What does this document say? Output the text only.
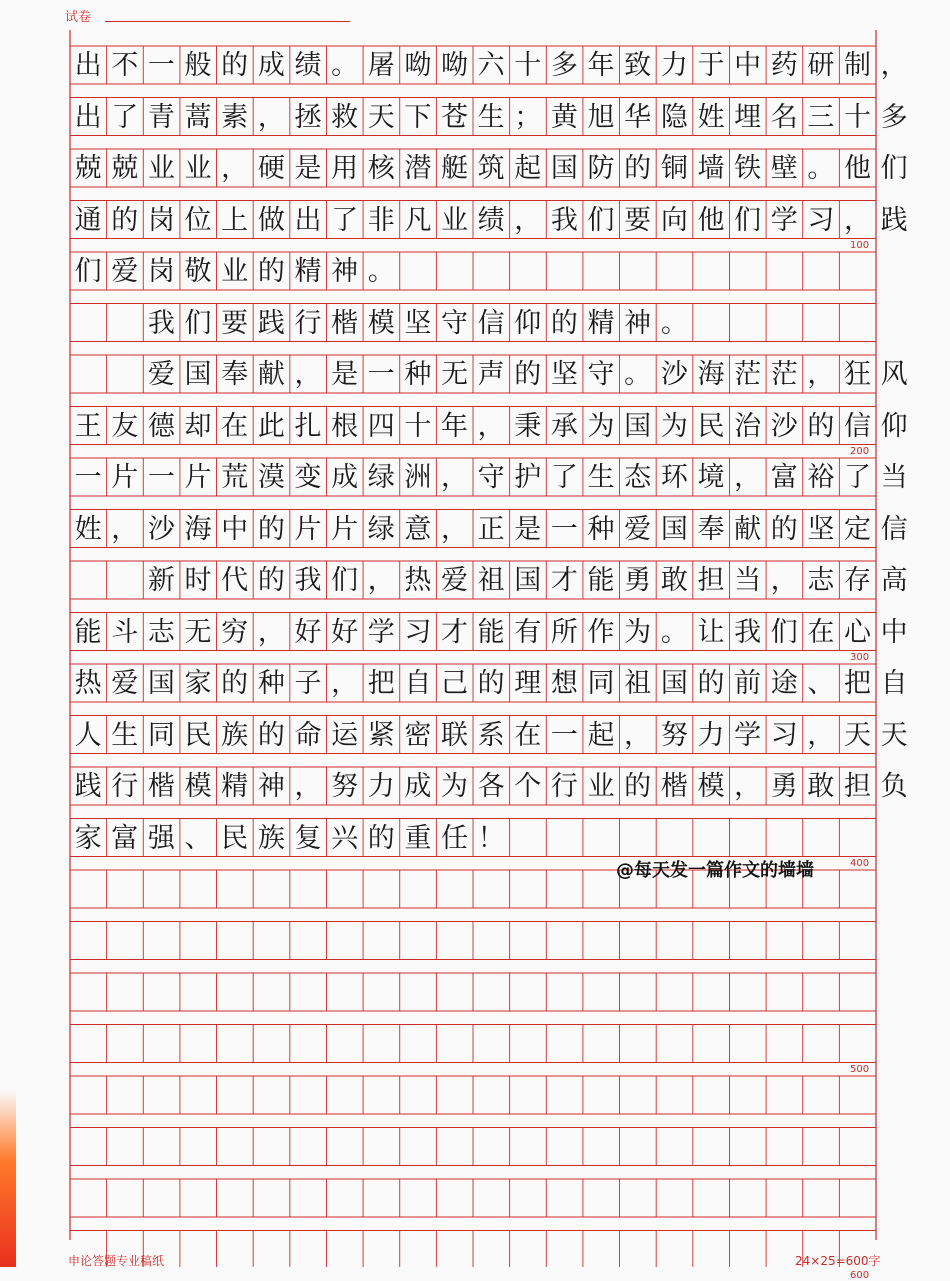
试卷
出 不 一 般 的 成 绩 。 屠 呦 呦 六 十 多 年 致 力 于 中 药 研 制 ，
出 了 青 蒿 素 ， 拯 救 天 下 苍 生 ； 黄 旭 华 隐 姓 埋 名 三 十 多
兢 兢 业 业 ， 硬 是 用 核 潜 艇 筑 起 国 防 的 铜 墙 铁 壁 。 他 们
通 的 岗 位 上 做 出 了 非 凡 业 绩 ， 我 们 要 向 他 们 学 习 ， 践
们 爱 岗 敬 业 的 精 神 。
我 们 要 践 行 楷 模 坚 守 信 仰 的 精 神 。
爱 国 奉 献 ， 是 一 种 无 声 的 坚 守 。 沙 海 茫 茫 ， 狂 风
王 友 德 却 在 此 扎 根 四 十 年 ， 秉 承 为 国 为 民 治 沙 的 信 仰
一 片 一 片 荒 漠 变 成 绿 洲 ， 守 护 了 生 态 环 境 ， 富 裕 了 当
姓 ， 沙 海 中 的 片 片 绿 意 ， 正 是 一 种 爱 国 奉 献 的 坚 定 信
新 时 代 的 我 们 ， 热 爱 祖 国 才 能 勇 敢 担 当 ， 志 存 高
能 斗 志 无 穷 ， 好 好 学 习 才 能 有 所 作 为 。 让 我 们 在 心 中
热 爱 国 家 的 种 子 ， 把 自 己 的 理 想 同 祖 国 的 前 途 、 把 自
人 生 同 民 族 的 命 运 紧 密 联 系 在 一 起 ， 努 力 学 习 ， 天 天
践 行 楷 模 精 神 ， 努 力 成 为 各 个 行 业 的 楷 模 ， 勇 敢 担 负
家 富 强 、 民 族 复 兴 的 重 任 ！
100
200
300
400
500
600
@每天发一篇作文的墙墙
申论答题专业稿纸	24×25=600字
